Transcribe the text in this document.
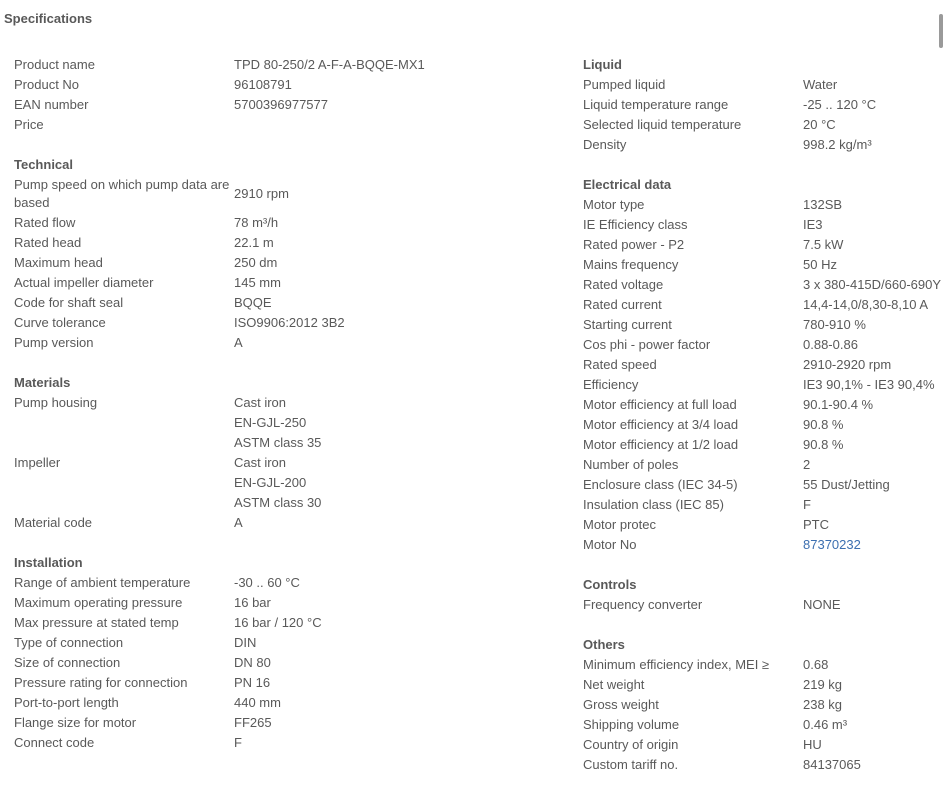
Specifications
Product name	TPD 80-250/2 A-F-A-BQQE-MX1
Product No	96108791
EAN number	5700396977577
Price
Technical
Pump speed on which pump data are based
2910 rpm
Rated flow	78 m³/h
Rated head	22.1 m
Maximum head	250 dm
Actual impeller diameter	145 mm
Code for shaft seal	BQQE
Curve tolerance	ISO9906:2012 3B2
Pump version	A
Materials
Pump housing	Cast iron
EN-GJL-250
ASTM class 35
Impeller	Cast iron
EN-GJL-200
ASTM class 30
Material code	A
Installation
Range of ambient temperature	-30 .. 60 °C
Maximum operating pressure	16 bar
Max pressure at stated temp	16 bar / 120 °C
Type of connection	DIN
Size of connection	DN 80
Pressure rating for connection	PN 16
Port-to-port length	440 mm
Flange size for motor	FF265
Connect code	F
Liquid
Pumped liquid	Water
Liquid temperature range	-25 .. 120 °C
Selected liquid temperature	20 °C
Density	998.2 kg/m³
Electrical data
Motor type	132SB
IE Efficiency class	IE3
Rated power - P2	7.5 kW
Mains frequency	50 Hz
Rated voltage	3 x 380-415D/660-690Y
Rated current	14,4-14,0/8,30-8,10 A
Starting current	780-910 %
Cos phi - power factor	0.88-0.86
Rated speed	2910-2920 rpm
Efficiency	IE3 90,1% - IE3 90,4%
Motor efficiency at full load	90.1-90.4 %
Motor efficiency at 3/4 load	90.8 %
Motor efficiency at 1/2 load	90.8 %
Number of poles	2
Enclosure class (IEC 34-5)	55 Dust/Jetting
Insulation class (IEC 85)	F
Motor protec	PTC
Motor No	87370232
Controls
Frequency converter	NONE
Others
Minimum efficiency index, MEI ≥	0.68
Net weight	219 kg
Gross weight	238 kg
Shipping volume	0.46 m³
Country of origin	HU
Custom tariff no.	84137065
